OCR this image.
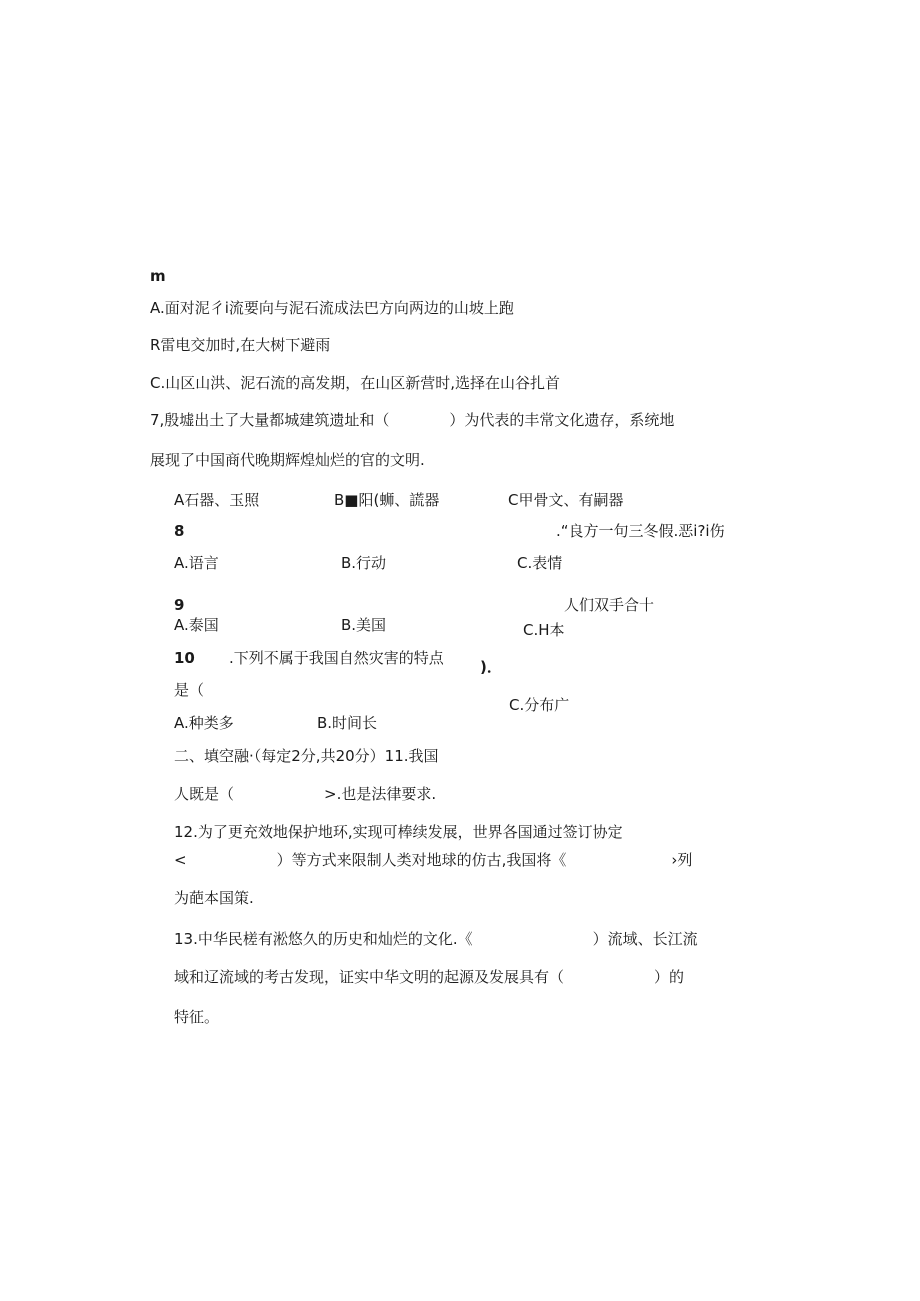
m
A.面对泥彳i流要向与泥石流成法巴方向两边的山坡上跑
R雷电交加时,在大树下避雨
C.山区山洪、泥石流的高发期，在山区新营时,选择在山谷扎首
7,殷墟出土了大量都城建筑遗址和（　　　　）为代表的丰常文化遗存，系统地
展现了中国商代晚期辉煌灿烂的官的文明.
A石器、玉照	B■阳(蛳、謊器	C甲骨文、有嗣器
8	.“良方一句三冬假.恶i?i伤
A.语言	B.行动	C.表情
9	人们双手合十
A.泰国	B.美国	C.H本
10 .下列不属于我国自然灾害的特点 )．
是（
C.分布广
A.种类多	B.时间长
二、填空融·（每定2分,共20分）11.我国
人既是（　　　　　　>.也是法律要求.
12.为了更充效地保护地环,实现可棒续发展，世界各国通过签订协定
<　　　　　　）等方式来限制人类对地球的仿古,我国将《　　　　　　　›列
为葩本国策.
13.中华民槎有淞悠久的历史和灿烂的文化.《　　　　　　　　）流域、长江流
域和辽流域的考古发现，证实中华文明的起源及发展具有（　　　　　　）的
特征。
